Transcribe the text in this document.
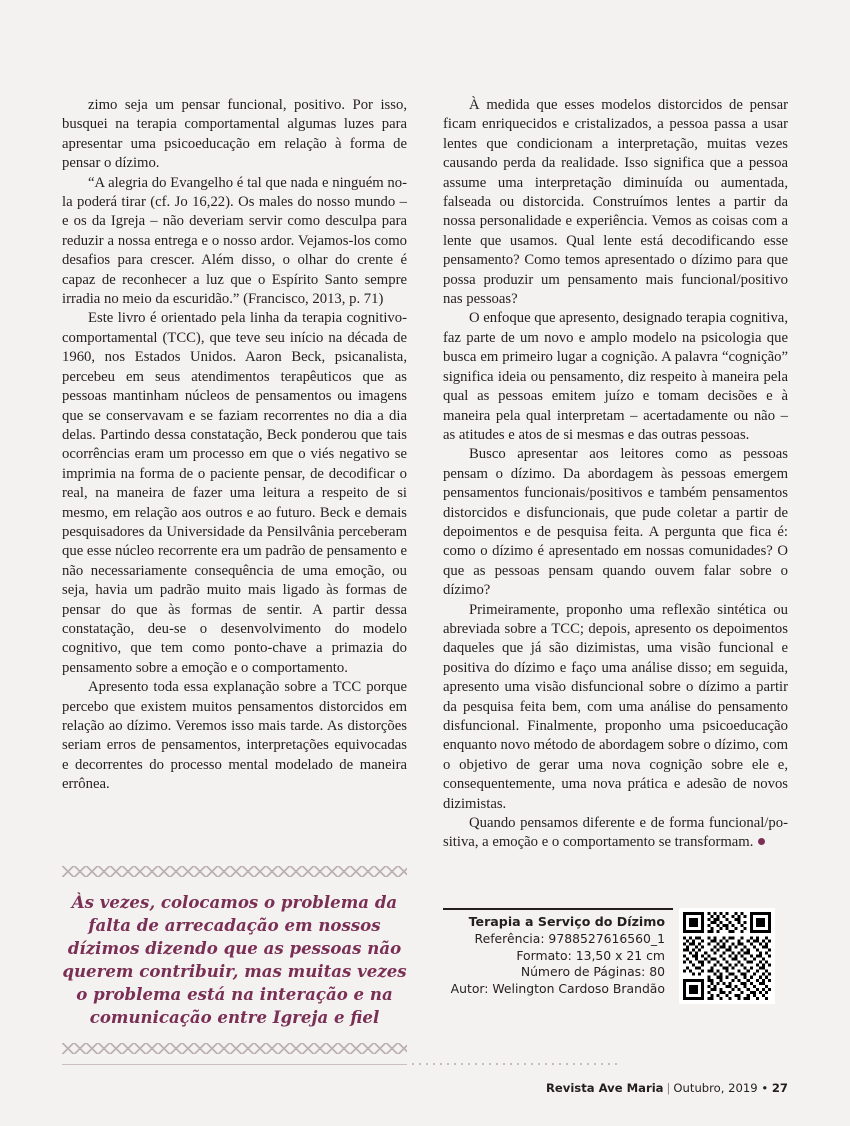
zimo seja um pensar funcional, positivo. Por isso, busquei na terapia comportamental algumas luzes para apresentar uma psicoeducação em relação à forma de pensar o dízimo.

“A alegria do Evangelho é tal que nada e ninguém no-la poderá tirar (cf. Jo 16,22). Os males do nosso mundo – e os da Igreja – não deveriam servir como desculpa para reduzir a nossa entrega e o nosso ardor. Vejamos-los como desafios para crescer. Além disso, o olhar do crente é capaz de reconhecer a luz que o Espírito Santo sempre irradia no meio da escuridão.” (Francisco, 2013, p. 71)

Este livro é orientado pela linha da terapia cognitivo-comportamental (TCC), que teve seu início na década de 1960, nos Estados Unidos. Aaron Beck, psicanalista, percebeu em seus atendimentos terapêuticos que as pessoas mantinham núcleos de pensamentos ou imagens que se conservavam e se faziam recorrentes no dia a dia delas. Partindo dessa constatação, Beck ponderou que tais ocorrências eram um processo em que o viés negativo se imprimia na forma de o paciente pensar, de decodificar o real, na maneira de fazer uma leitura a respeito de si mesmo, em relação aos outros e ao futuro. Beck e demais pesquisadores da Universidade da Pensilvânia perceberam que esse núcleo recorrente era um padrão de pensamento e não necessariamente consequência de uma emoção, ou seja, havia um padrão muito mais ligado às formas de pensar do que às formas de sentir. A partir dessa constatação, deu-se o desenvolvimento do modelo cognitivo, que tem como ponto-chave a primazia do pensamento sobre a emoção e o comportamento.

Apresento toda essa explanação sobre a TCC porque percebo que existem muitos pensamentos distorcidos em relação ao dízimo. Veremos isso mais tarde. As distorções seriam erros de pensamentos, interpretações equivocadas e decorrentes do processo mental modelado de maneira errônea.

À medida que esses modelos distorcidos de pensar ficam enriquecidos e cristalizados, a pessoa passa a usar lentes que condicionam a interpretação, muitas vezes causando perda da realidade. Isso significa que a pessoa assume uma interpretação diminuída ou aumentada, falseada ou distorcida. Construímos lentes a partir da nossa personalidade e experiência. Vemos as coisas com a lente que usamos. Qual lente está decodificando esse pensamento? Como temos apresentado o dízimo para que possa produzir um pensamento mais funcional/positivo nas pessoas?

O enfoque que apresento, designado terapia cognitiva, faz parte de um novo e amplo modelo na psicologia que busca em primeiro lugar a cognição. A palavra “cognição” significa ideia ou pensamento, diz respeito à maneira pela qual as pessoas emitem juízo e tomam decisões e à maneira pela qual interpretam – acertadamente ou não – as atitudes e atos de si mesmas e das outras pessoas.

Busco apresentar aos leitores como as pessoas pensam o dízimo. Da abordagem às pessoas emergem pensamentos funcionais/positivos e também pensamentos distorcidos e disfuncionais, que pude coletar a partir de depoimentos e de pesquisa feita. A pergunta que fica é: como o dízimo é apresentado em nossas comunidades? O que as pessoas pensam quando ouvem falar sobre o dízimo?

Primeiramente, proponho uma reflexão sintética ou abreviada sobre a TCC; depois, apresento os depoimentos daqueles que já são dizimistas, uma visão funcional e positiva do dízimo e faço uma análise disso; em seguida, apresento uma visão disfuncional sobre o dízimo a partir da pesquisa feita bem, com uma análise do pensamento disfuncional. Finalmente, proponho uma psicoeducação enquanto novo método de abordagem sobre o dízimo, com o objetivo de gerar uma nova cognição sobre ele e, consequentemente, uma nova prática e adesão de novos dizimistas.

Quando pensamos diferente e de forma funcional/positiva, a emoção e o comportamento se transformam.

Às vezes, colocamos o problema da falta de arrecadação em nossos dízimos dizendo que as pessoas não querem contribuir, mas muitas vezes o problema está na interação e na comunicação entre Igreja e fiel

Terapia a Serviço do Dízimo
Referência: 9788527616560_1
Formato: 13,50 x 21 cm
Número de Páginas: 80
Autor: Welington Cardoso Brandão
Revista Ave Maria | Outubro, 2019 • 27
